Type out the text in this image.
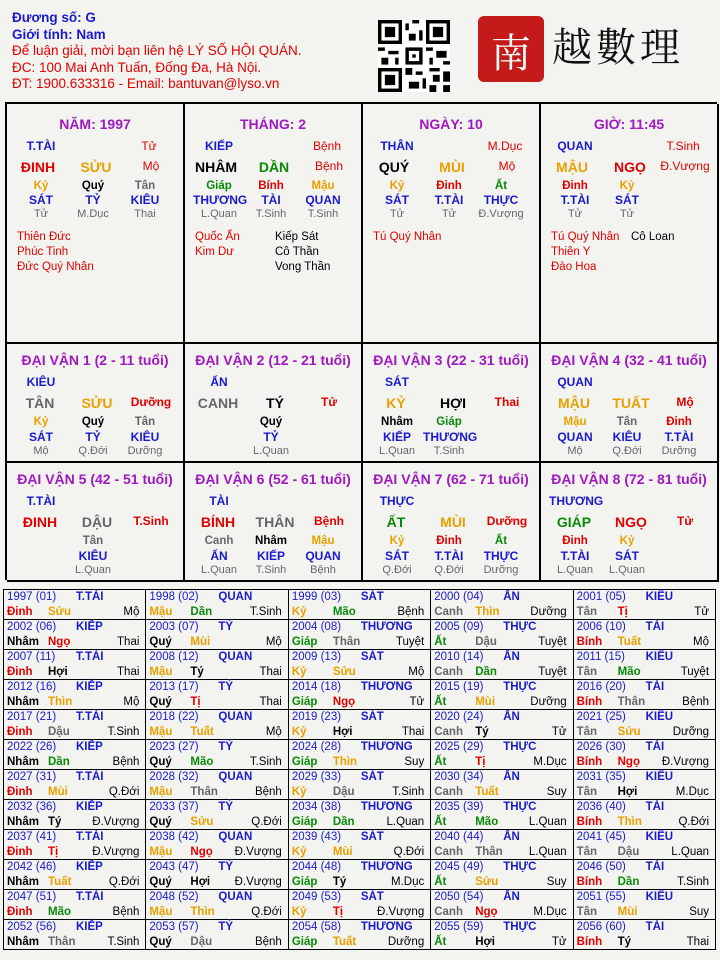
Đương số: G
Giới tính: Nam
Để luận giải, mời bạn liên hệ LÝ SỐ HỘI QUÁN.
ĐC: 100 Mai Anh Tuấn, Đống Đa, Hà Nội.
ĐT: 1900.633316 - Email: bantuvan@lyso.vn
南 越數理
NĂM: 1997
T.TÀI	Tử
ĐINH	SỬU	Mộ
Kỷ
SÁT
Tử
Quý
TỶ
M.Dục
Tân
KIÊU
Thai
Thiên Đức
Phúc Tinh
Đức Quý Nhân
THÁNG: 2
KIẾP	Bệnh
NHÂM	DẦN	Bệnh
Giáp
THƯƠNG
L.Quan
Bính
TÀI
T.Sinh
Mậu
QUAN
T.Sinh
Quốc Ấn
Kim Dư
Kiếp Sát
Cô Thần
Vong Thần
NGÀY: 10
THÂN	M.Dục
QUÝ	MÙI	Mộ
Kỷ
SÁT
Tử
Đinh
T.TÀI
Tử
Ất
THỰC
Đ.Vượng
Tú Quý Nhân
GIỜ: 11:45
QUAN	T.Sinh
MẬU	NGỌ	Đ.Vượng
Đinh
T.TÀI
Tử
Kỷ
SÁT
Tử
Tú Quý Nhân
Thiên Y
Đào Hoa
Cô Loan
ĐẠI VẬN 1 (2 - 11 tuổi)
KIÊU
TÂN	SỬU	Dưỡng
Kỷ
SÁT
Mộ
Quý
TỶ
Q.Đới
Tân
KIÊU
Dưỡng
ĐẠI VẬN 2 (12 - 21 tuổi)
ẤN
CANH	TÝ	Tử
Quý
TỶ
L.Quan
ĐẠI VẬN 3 (22 - 31 tuổi)
SÁT
KỶ	HỢI	Thai
Nhâm
KIẾP
L.Quan
Giáp
THƯƠNG
T.Sinh
ĐẠI VẬN 4 (32 - 41 tuổi)
QUAN
MẬU	TUẤT	Mộ
Mậu
QUAN
Mộ
Tân
KIÊU
Q.Đới
Đinh
T.TÀI
Dưỡng
ĐẠI VẬN 5 (42 - 51 tuổi)
T.TÀI
ĐINH	DẬU	T.Sinh
Tân
KIÊU
L.Quan
ĐẠI VẬN 6 (52 - 61 tuổi)
TÀI
BÍNH	THÂN	Bệnh
Canh
ẤN
L.Quan
Nhâm
KIẾP
T.Sinh
Mậu
QUAN
Bệnh
ĐẠI VẬN 7 (62 - 71 tuổi)
THỰC
ẤT	MÙI	Dưỡng
Kỷ
SÁT
Q.Đới
Đinh
T.TÀI
Q.Đới
Ất
THỰC
Dưỡng
ĐẠI VẬN 8 (72 - 81 tuổi)
THƯƠNG
GIÁP	NGỌ	Tử
Đinh
T.TÀI
L.Quan
Kỷ
SÁT
L.Quan
1997 (01) T.TÀI
Đinh Sửu	Mộ
1998 (02) QUAN
Mậu Dần	T.Sinh
1999 (03) SÁT
Kỷ Mão	Bệnh
2000 (04) ẤN
Canh Thìn	Dưỡng
2001 (05) KIÊU
Tân Tị	Tử
2002 (06) KIẾP
Nhâm Ngọ	Thai
2003 (07) TỶ
Quý Mùi	Mộ
2004 (08) THƯƠNG
Giáp Thân	Tuyệt
2005 (09) THỰC
Ất	Dậu	Tuyệt
2006 (10) TÀI
Bính Tuất	Mộ
2007 (11) T.TÀI
Đinh Hợi	Thai
2008 (12) QUAN
Mậu Tý	Thai
2009 (13) SÁT
Kỷ Sửu	Mộ
2010 (14) ẤN
Canh Dần	Tuyệt
2011 (15) KIÊU
Tân Mão	Tuyệt
2012 (16) KIẾP
Nhâm Thìn	Mộ
2013 (17) TỶ
Quý Tị	Thai
2014 (18) THƯƠNG
Giáp Ngọ	Tử
2015 (19) THỰC
Ất	Mùi	Dưỡng
2016 (20) TÀI
Bính Thân	Bệnh
2017 (21) T.TÀI
Đinh Dậu	T.Sinh
2018 (22) QUAN
Mậu Tuất	Mộ
2019 (23) SÁT
Kỷ Hợi	Thai
2020 (24) ẤN
Canh Tý	Tử
2021 (25) KIÊU
Tân Sửu	Dưỡng
2022 (26) KIẾP
Nhâm Dần	Bệnh
2023 (27) TỶ
Quý Mão	T.Sinh
2024 (28) THƯƠNG
Giáp Thìn	Suy
2025 (29) THỰC
Ất	Tị	M.Dục
2026 (30) TÀI
Bính Ngọ Đ.Vượng
2027 (31) T.TÀI
Đinh Mùi	Q.Đới
2028 (32) QUAN
Mậu Thân	Bệnh
2029 (33) SÁT
Kỷ Dậu	T.Sinh
2030 (34) ẤN
Canh Tuất	Suy
2031 (35) KIÊU
Tân Hợi	M.Dục
2032 (36) KIẾP
Nhâm Tý	Đ.Vượng
2033 (37) TỶ
Quý Sửu	Q.Đới
2034 (38) THƯƠNG
Giáp Dần	L.Quan
2035 (39) THỰC
Ất	Mão	L.Quan
2036 (40) TÀI
Bính Thìn	Q.Đới
2037 (41) T.TÀI
Đinh Tị	Đ.Vượng
2038 (42) QUAN
Mậu Ngọ Đ.Vượng
2039 (43) SÁT
Kỷ Mùi	Q.Đới
2040 (44) ẤN
Canh Thân L.Quan
2041 (45) KIÊU
Tân Dậu	L.Quan
2042 (46) KIẾP
Nhâm Tuất	Q.Đới
2043 (47) TỶ
Quý Hợi Đ.Vượng
2044 (48) THƯƠNG
Giáp Tý	M.Dục
2045 (49) THỰC
Ất	Sửu	Suy
2046 (50) TÀI
Bính Dần	T.Sinh
2047 (51) T.TÀI
Đinh Mão	Bệnh
2048 (52) QUAN
Mậu Thìn	Q.Đới
2049 (53) SÁT
Kỷ Tị	Đ.Vượng
2050 (54) ẤN
Canh Ngọ	M.Dục
2051 (55) KIÊU
Tân Mùi	Suy
2052 (56) KIẾP
Nhâm Thân	T.Sinh
2053 (57) TỶ
Quý Dậu	Bệnh
2054 (58) THƯƠNG
Giáp Tuất	Dưỡng
2055 (59) THỰC
Ất	Hợi	Tử
2056 (60) TÀI
Bính Tý	Thai
